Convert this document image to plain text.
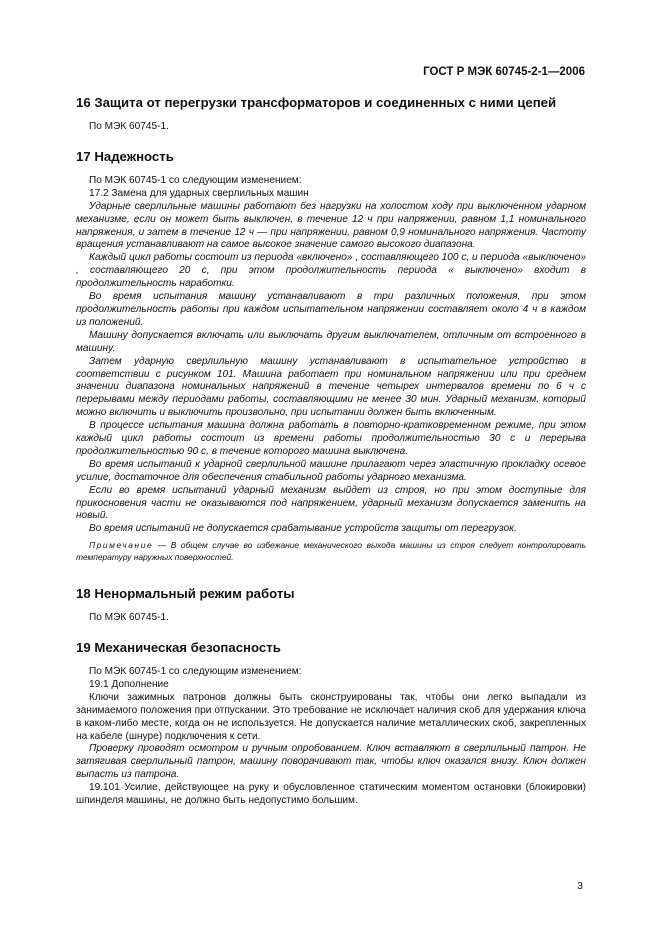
ГОСТ Р МЭК 60745-2-1—2006
16 Защита от перегрузки трансформаторов и соединенных с ними цепей

По МЭК 60745-1.

17 Надежность

По МЭК 60745-1 со следующим изменением:

17.2 Замена для ударных сверлильных машин

Ударные сверлильные машины работают без нагрузки на холостом ходу при выключенном ударном механизме, если он может быть выключен, в течение 12 ч при напряжении, равном 1,1 номинального напряжения, и затем в течение 12 ч — при напряжении, равном 0,9 номинального напряжения. Частоту вращения устанавливают на самое высокое значение самого высокого диапазона.

Каждый цикл работы состоит из периода «включено» , составляющего 100 с, и периода «выключено» , составляющего 20 с, при этом продолжительность периода « выключено» входит в продолжительность наработки.

Во время испытания машину устанавливают в три различных положения, при этом продолжительность работы при каждом испытательном напряжении составляет около 4 ч в каждом из положений.

Машину допускается включать или выключать другим выключателем, отличным от встроенного в машину.

Затем ударную сверлильную машину устанавливают в испытательное устройство в соответствии с рисунком 101. Машина работает при номинальном напряжении или при среднем значении диапазона номинальных напряжений в течение четырех интервалов времени по 6 ч с перерывами между периодами работы, составляющими не менее 30 мин. Ударный механизм, который можно включить и выключить произвольно, при испытании должен быть включенным.

В процессе испытания машина должна работать в повторно-кратковременном режиме, при этом каждый цикл работы состоит из времени работы продолжительностью 30 с и перерыва продолжительностью 90 с, в течение которого машина выключена.

Во время испытаний к ударной сверлильной машине прилагают через эластичную прокладку осевое усилие, достаточное для обеспечения стабильной работы ударного механизма.

Если во время испытаний ударный механизм выйдет из строя, но при этом доступные для прикосновения части не оказываются под напряжением, ударный механизм допускается заменить на новый.

Во время испытаний не допускается срабатывание устройств защиты от перегрузок.

Примечание — В общем случае во избежание механического выхода машины из строя следует контролировать температуру наружных поверхностей.

18 Ненормальный режим работы

По МЭК 60745-1.

19 Механическая безопасность

По МЭК 60745-1 со следующим изменением:

19.1 Дополнение

Ключи зажимных патронов должны быть сконструированы так, чтобы они легко выпадали из занимаемого положения при отпускании. Это требование не исключает наличия скоб для удержания ключа в каком-либо месте, когда он не используется. Не допускается наличие металлических скоб, закрепленных на кабеле (шнуре) подключения к сети.

Проверку проводят осмотром и ручным опробованием. Ключ вставляют в сверлильный патрон. Не затягивая сверлильный патрон, машину поворачивают так, чтобы ключ оказался внизу. Ключ должен выпасть из патрона.

19.101 Усилие, действующее на руку и обусловленное статическим моментом остановки (блокировки) шпинделя машины, не должно быть недопустимо большим.

3
